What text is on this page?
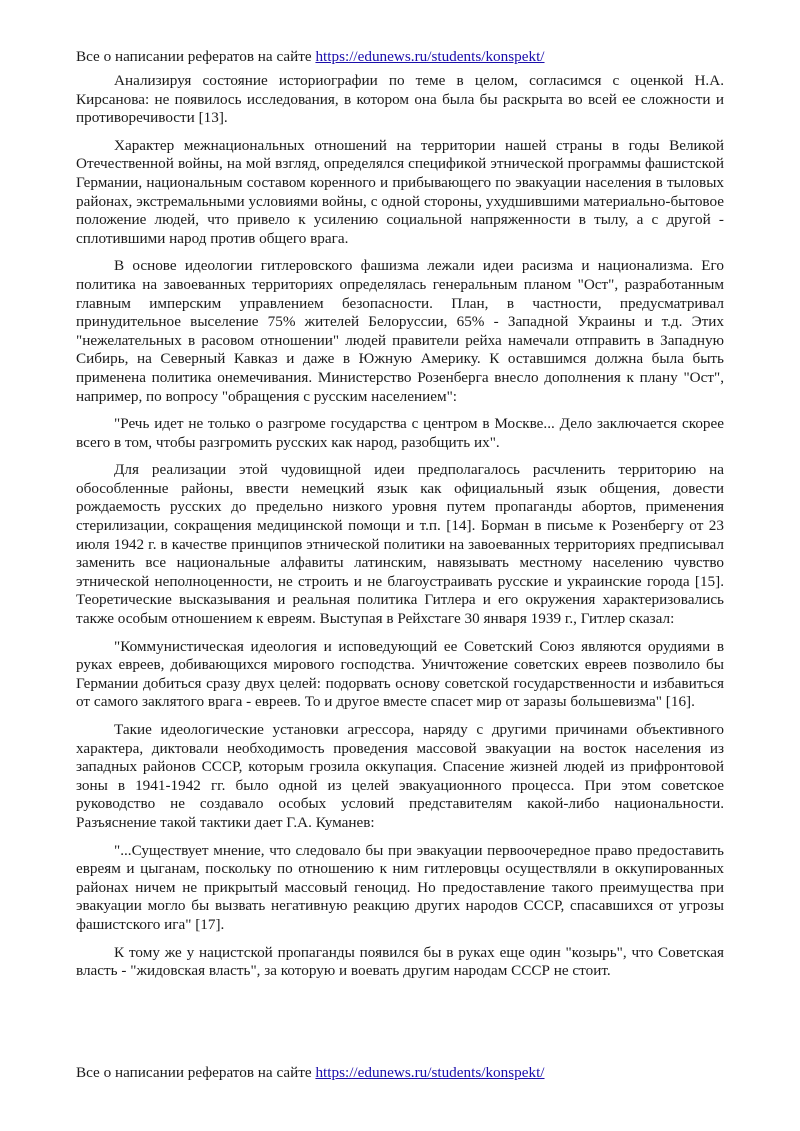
Все о написании рефератов на сайте https://edunews.ru/students/konspekt/

Анализируя состояние историографии по теме в целом, согласимся с оценкой Н.А. Кирсанова: не появилось исследования, в котором она была бы раскрыта во всей ее сложности и противоречивости [13].

Характер межнациональных отношений на территории нашей страны в годы Великой Отечественной войны, на мой взгляд, определялся спецификой этнической программы фашистской Германии, национальным составом коренного и прибывающего по эвакуации населения в тыловых районах, экстремальными условиями войны, с одной стороны, ухудшившими материально-бытовое положение людей, что привело к усилению социальной напряженности в тылу, а с другой - сплотившими народ против общего врага.

В основе идеологии гитлеровского фашизма лежали идеи расизма и национализма. Его политика на завоеванных территориях определялась генеральным планом "Ост", разработанным главным имперским управлением безопасности. План, в частности, предусматривал принудительное выселение 75% жителей Белоруссии, 65% - Западной Украины и т.д. Этих "нежелательных в расовом отношении" людей правители рейха намечали отправить в Западную Сибирь, на Северный Кавказ и даже в Южную Америку. К оставшимся должна была быть применена политика онемечивания. Министерство Розенберга внесло дополнения к плану "Ост", например, по вопросу "обращения с русским населением":

"Речь идет не только о разгроме государства с центром в Москве... Дело заключается скорее всего в том, чтобы разгромить русских как народ, разобщить их".

Для реализации этой чудовищной идеи предполагалось расчленить территорию на обособленные районы, ввести немецкий язык как официальный язык общения, довести рождаемость русских до предельно низкого уровня путем пропаганды абортов, применения стерилизации, сокращения медицинской помощи и т.п. [14]. Борман в письме к Розенбергу от 23 июля 1942 г. в качестве принципов этнической политики на завоеванных территориях предписывал заменить все национальные алфавиты латинским, навязывать местному населению чувство этнической неполноценности, не строить и не благоустраивать русские и украинские города [15]. Теоретические высказывания и реальная политика Гитлера и его окружения характеризовались также особым отношением к евреям. Выступая в Рейхстаге 30 января 1939 г., Гитлер сказал:

"Коммунистическая идеология и исповедующий ее Советский Союз являются орудиями в руках евреев, добивающихся мирового господства. Уничтожение советских евреев позволило бы Германии добиться сразу двух целей: подорвать основу советской государственности и избавиться от самого заклятого врага - евреев. То и другое вместе спасет мир от заразы большевизма" [16].

Такие идеологические установки агрессора, наряду с другими причинами объективного характера, диктовали необходимость проведения массовой эвакуации на восток населения из западных районов СССР, которым грозила оккупация. Спасение жизней людей из прифронтовой зоны в 1941-1942 гг. было одной из целей эвакуационного процесса. При этом советское руководство не создавало особых условий представителям какой-либо национальности. Разъяснение такой тактики дает Г.А. Куманев:

"...Существует мнение, что следовало бы при эвакуации первоочередное право предоставить евреям и цыганам, поскольку по отношению к ним гитлеровцы осуществляли в оккупированных районах ничем не прикрытый массовый геноцид. Но предоставление такого преимущества при эвакуации могло бы вызвать негативную реакцию других народов СССР, спасавшихся от угрозы фашистского ига" [17].

К тому же у нацистской пропаганды появился бы в руках еще один "козырь", что Советская власть - "жидовская власть", за которую и воевать другим народам СССР не стоит.

Все о написании рефератов на сайте https://edunews.ru/students/konspekt/
